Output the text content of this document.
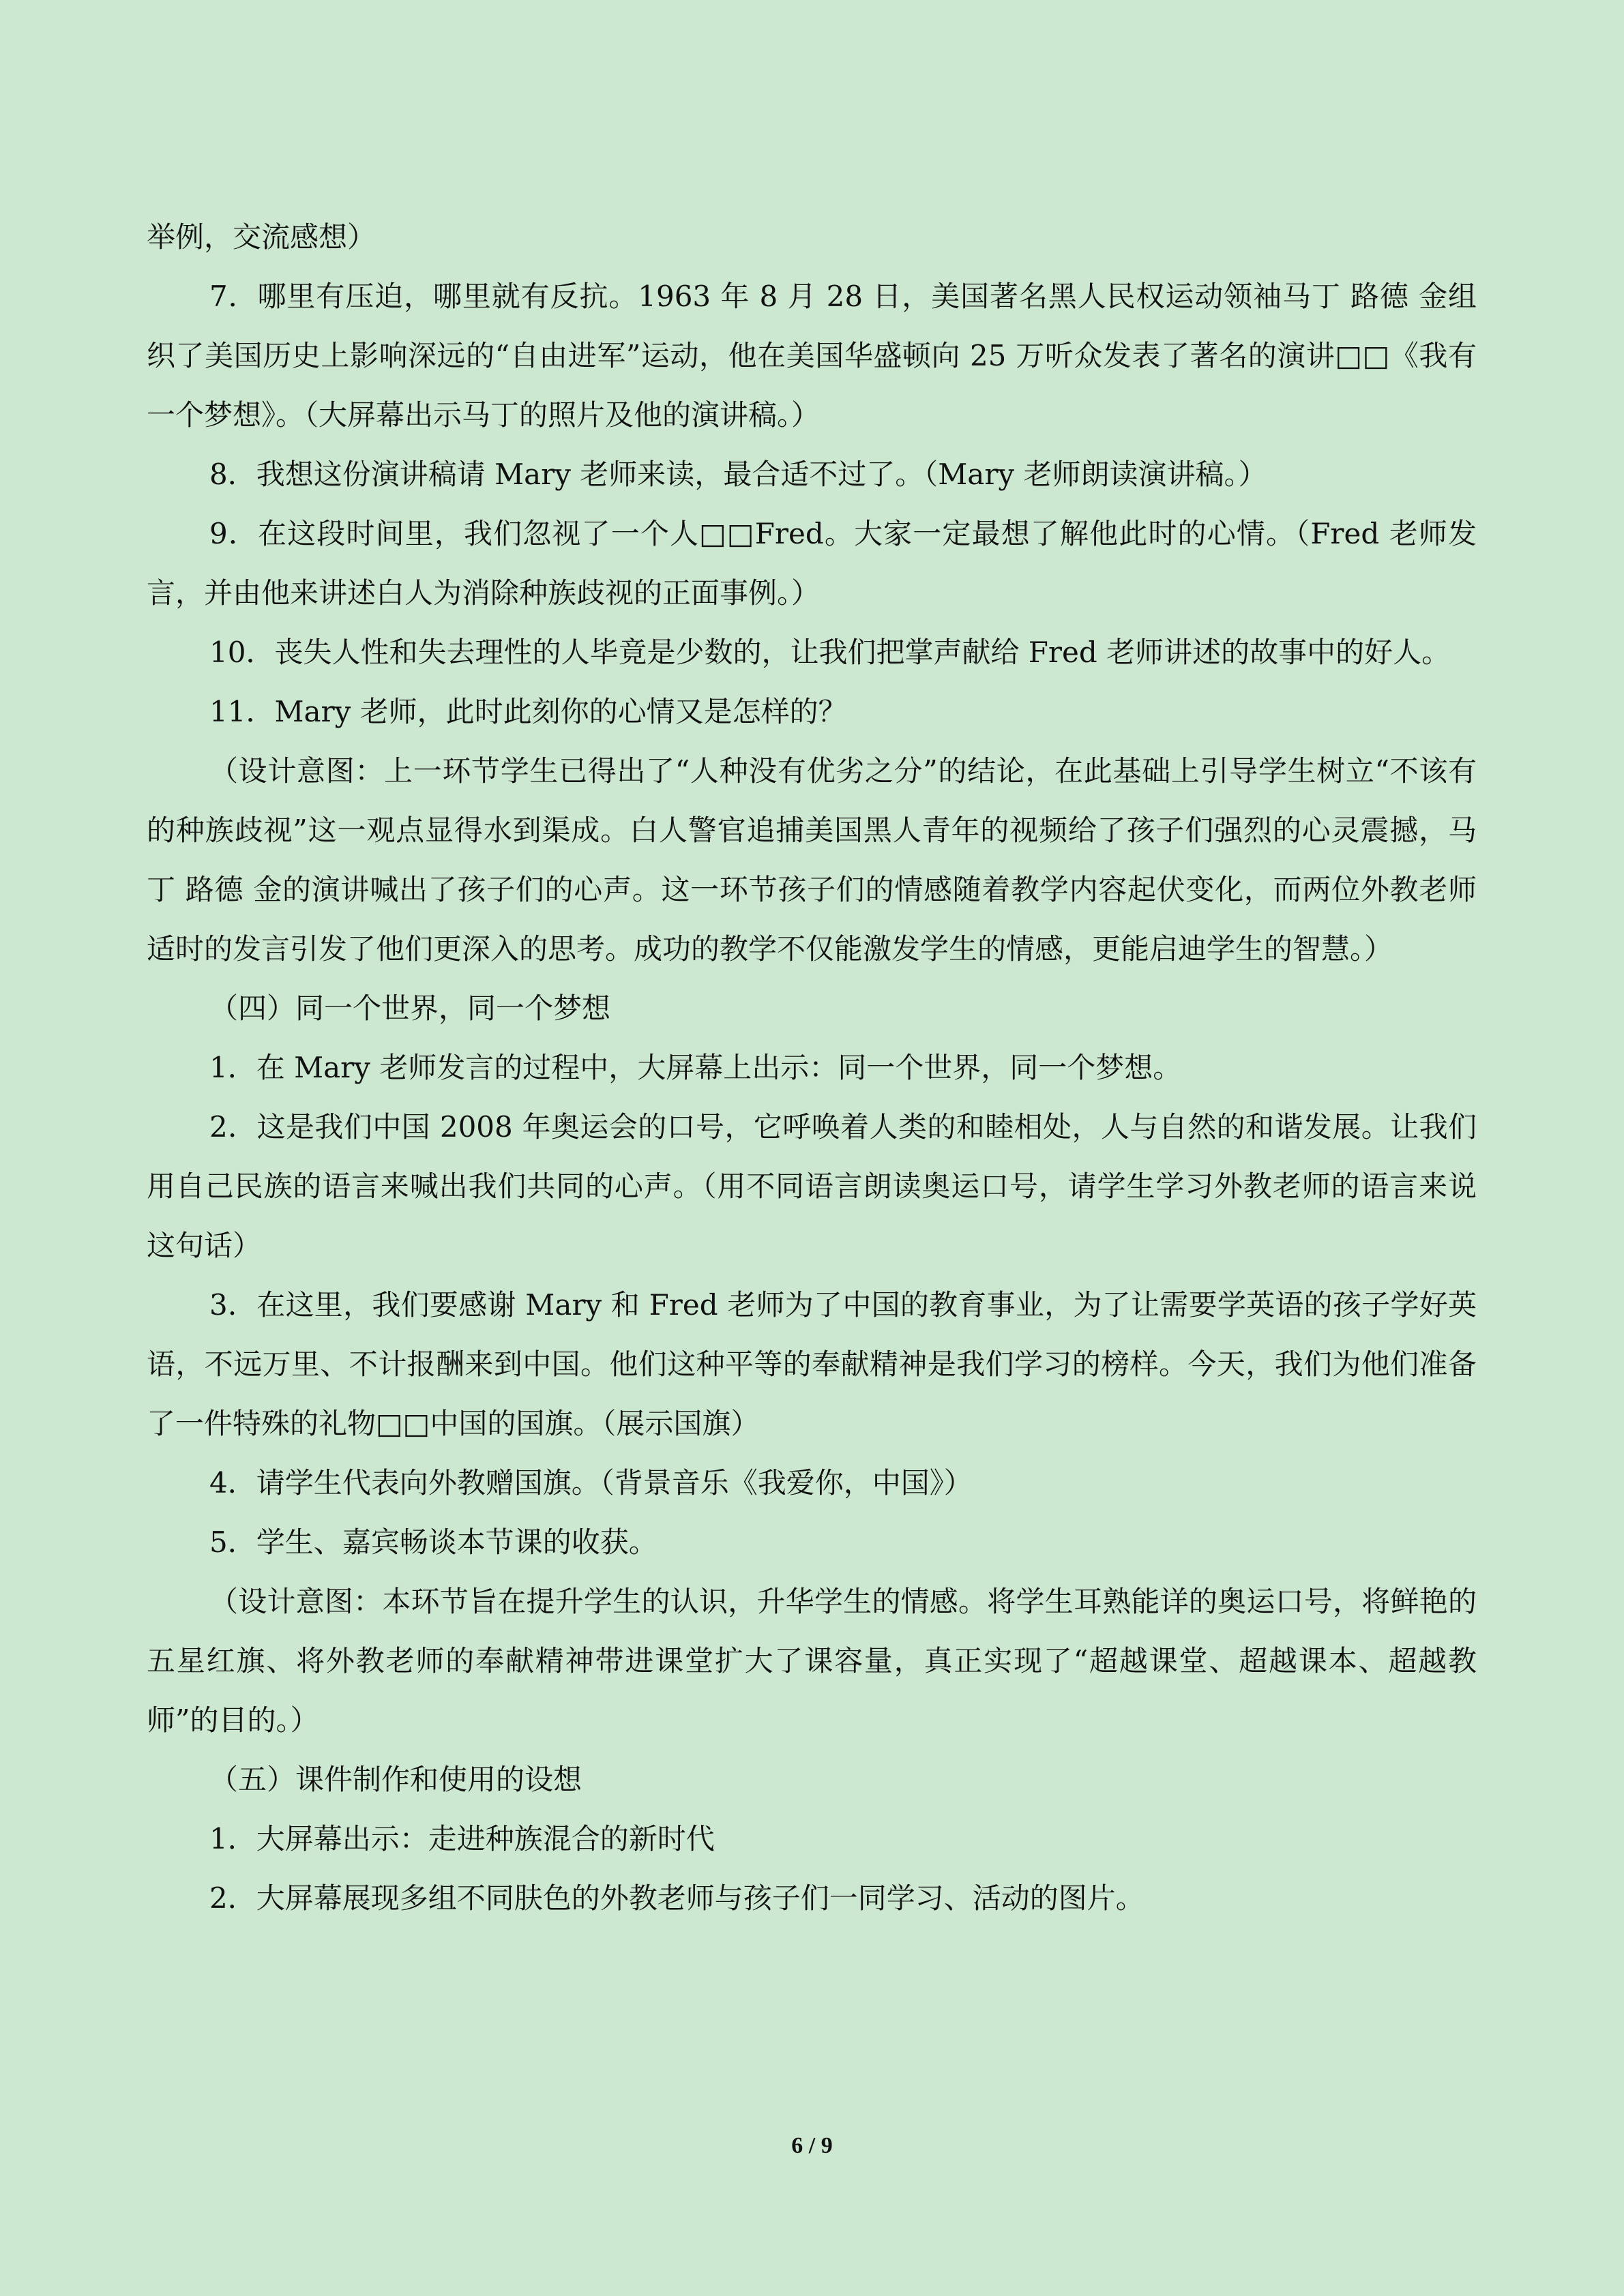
举例，交流感想）

7．哪里有压迫，哪里就有反抗。1963 年 8 月 28 日，美国著名黑人民权运动领袖马丁 路德 金组织了美国历史上影响深远的“自由进军”运动，他在美国华盛顿向 25 万听众发表了著名的演讲□□《我有一个梦想》。（大屏幕出示马丁的照片及他的演讲稿。）

8．我想这份演讲稿请 Mary 老师来读，最合适不过了。（Mary 老师朗读演讲稿。）

9．在这段时间里，我们忽视了一个人□□Fred。大家一定最想了解他此时的心情。（Fred 老师发言，并由他来讲述白人为消除种族歧视的正面事例。）

10．丧失人性和失去理性的人毕竟是少数的，让我们把掌声献给 Fred 老师讲述的故事中的好人。

11．Mary 老师，此时此刻你的心情又是怎样的？

（设计意图：上一环节学生已得出了“人种没有优劣之分”的结论，在此基础上引导学生树立“不该有的种族歧视”这一观点显得水到渠成。白人警官追捕美国黑人青年的视频给了孩子们强烈的心灵震撼，马丁 路德 金的演讲喊出了孩子们的心声。这一环节孩子们的情感随着教学内容起伏变化，而两位外教老师适时的发言引发了他们更深入的思考。成功的教学不仅能激发学生的情感，更能启迪学生的智慧。）

（四）同一个世界，同一个梦想

1．在 Mary 老师发言的过程中，大屏幕上出示：同一个世界，同一个梦想。

2．这是我们中国 2008 年奥运会的口号，它呼唤着人类的和睦相处，人与自然的和谐发展。让我们用自己民族的语言来喊出我们共同的心声。（用不同语言朗读奥运口号，请学生学习外教老师的语言来说这句话）

3．在这里，我们要感谢 Mary 和 Fred 老师为了中国的教育事业，为了让需要学英语的孩子学好英语，不远万里、不计报酬来到中国。他们这种平等的奉献精神是我们学习的榜样。今天，我们为他们准备了一件特殊的礼物□□中国的国旗。（展示国旗）

4．请学生代表向外教赠国旗。（背景音乐《我爱你，中国》）

5．学生、嘉宾畅谈本节课的收获。

（设计意图：本环节旨在提升学生的认识，升华学生的情感。将学生耳熟能详的奥运口号，将鲜艳的五星红旗、将外教老师的奉献精神带进课堂扩大了课容量，真正实现了“超越课堂、超越课本、超越教师”的目的。）

（五）课件制作和使用的设想

1．大屏幕出示：走进种族混合的新时代

2．大屏幕展现多组不同肤色的外教老师与孩子们一同学习、活动的图片。

6 / 9
